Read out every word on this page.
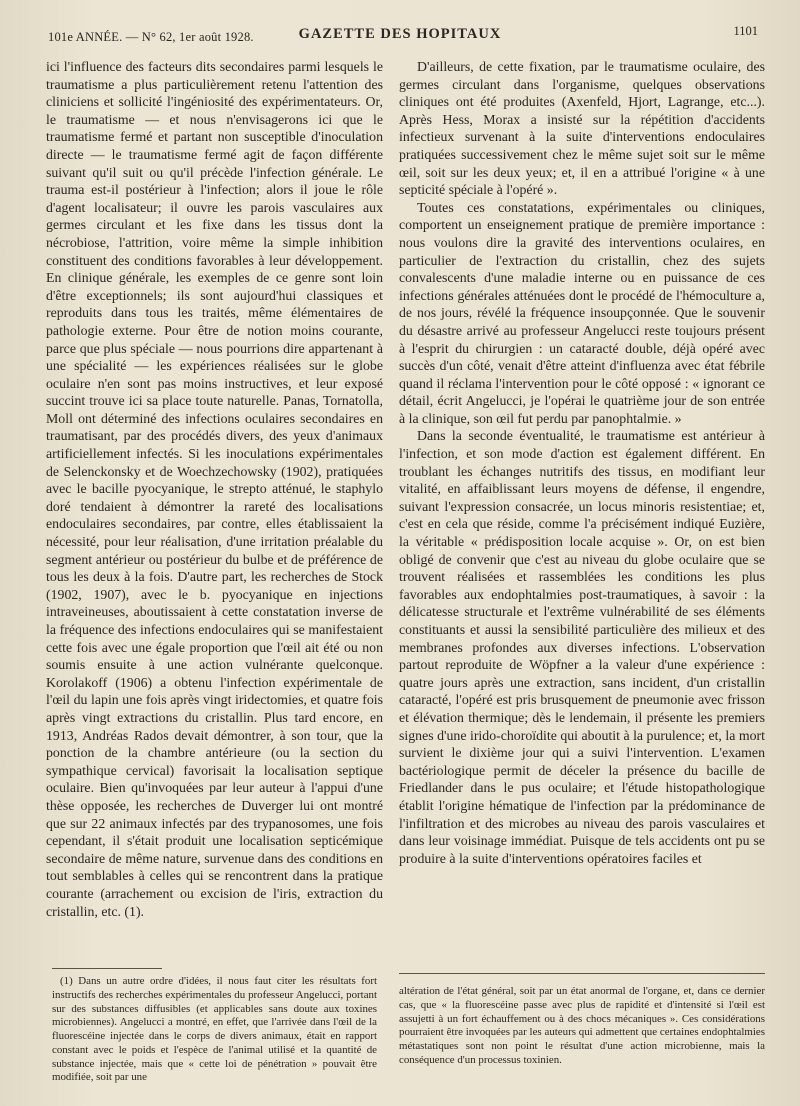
101e ANNÉE. — N° 62, 1er août 1928.	GAZETTE DES HOPITAUX	1101

ici l'influence des facteurs dits secondaires parmi lesquels le traumatisme a plus particulièrement retenu l'attention des cliniciens et sollicité l'ingéniosité des expérimentateurs. Or, le traumatisme — et nous n'envisagerons ici que le traumatisme fermé et partant non susceptible d'inoculation directe — le traumatisme fermé agit de façon différente suivant qu'il suit ou qu'il précède l'infection générale. Le trauma est-il postérieur à l'infection; alors il joue le rôle d'agent localisateur; il ouvre les parois vasculaires aux germes circulant et les fixe dans les tissus dont la nécrobiose, l'attrition, voire même la simple inhibition constituent des conditions favorables à leur développement. En clinique générale, les exemples de ce genre sont loin d'être exceptionnels; ils sont aujourd'hui classiques et reproduits dans tous les traités, même élémentaires de pathologie externe. Pour être de notion moins courante, parce que plus spéciale — nous pourrions dire appartenant à une spécialité — les expériences réalisées sur le globe oculaire n'en sont pas moins instructives, et leur exposé succint trouve ici sa place toute naturelle. Panas, Tornatolla, Moll ont déterminé des infections oculaires secondaires en traumatisant, par des procédés divers, des yeux d'animaux artificiellement infectés. Si les inoculations expérimentales de Selenckonsky et de Woechzechowsky (1902), pratiquées avec le bacille pyocyanique, le strepto atténué, le staphylo doré tendaient à démontrer la rareté des localisations endoculaires secondaires, par contre, elles établissaient la nécessité, pour leur réalisation, d'une irritation préalable du segment antérieur ou postérieur du bulbe et de préférence de tous les deux à la fois. D'autre part, les recherches de Stock (1902, 1907), avec le b. pyocyanique en injections intraveineuses, aboutissaient à cette constatation inverse de la fréquence des infections endoculaires qui se manifestaient cette fois avec une égale proportion que l'œil ait été ou non soumis ensuite à une action vulnérante quelconque. Korolakoff (1906) a obtenu l'infection expérimentale de l'œil du lapin une fois après vingt iridectomies, et quatre fois après vingt extractions du cristallin. Plus tard encore, en 1913, Andréas Rados devait démontrer, à son tour, que la ponction de la chambre antérieure (ou la section du sympathique cervical) favorisait la localisation septique oculaire. Bien qu'invoquées par leur auteur à l'appui d'une thèse opposée, les recherches de Duverger lui ont montré que sur 22 animaux infectés par des trypanosomes, une fois cependant, il s'était produit une localisation septicémique secondaire de même nature, survenue dans des conditions en tout semblables à celles qui se rencontrent dans la pratique courante (arrachement ou excision de l'iris, extraction du cristallin, etc. (1).

D'ailleurs, de cette fixation, par le traumatisme oculaire, des germes circulant dans l'organisme, quelques observations cliniques ont été produites (Axenfeld, Hjort, Lagrange, etc...). Après Hess, Morax a insisté sur la répétition d'accidents infectieux survenant à la suite d'interventions endoculaires pratiquées successivement chez le même sujet soit sur le même œil, soit sur les deux yeux; et, il en a attribué l'origine « à une septicité spéciale à l'opéré ».

Toutes ces constatations, expérimentales ou cliniques, comportent un enseignement pratique de première importance : nous voulons dire la gravité des interventions oculaires, en particulier de l'extraction du cristallin, chez des sujets convalescents d'une maladie interne ou en puissance de ces infections générales atténuées dont le procédé de l'hémoculture a, de nos jours, révélé la fréquence insoupçonnée. Que le souvenir du désastre arrivé au professeur Angelucci reste toujours présent à l'esprit du chirurgien : un cataracté double, déjà opéré avec succès d'un côté, venait d'être atteint d'influenza avec état fébrile quand il réclama l'intervention pour le côté opposé : « ignorant ce détail, écrit Angelucci, je l'opérai le quatrième jour de son entrée à la clinique, son œil fut perdu par panophtalmie. »

Dans la seconde éventualité, le traumatisme est antérieur à l'infection, et son mode d'action est également différent. En troublant les échanges nutritifs des tissus, en modifiant leur vitalité, en affaiblissant leurs moyens de défense, il engendre, suivant l'expression consacrée, un locus minoris resistentiae; et, c'est en cela que réside, comme l'a précisément indiqué Euzière, la véritable « prédisposition locale acquise ». Or, on est bien obligé de convenir que c'est au niveau du globe oculaire que se trouvent réalisées et rassemblées les conditions les plus favorables aux endophtalmies post-traumatiques, à savoir : la délicatesse structurale et l'extrême vulnérabilité de ses éléments constituants et aussi la sensibilité particulière des milieux et des membranes profondes aux diverses infections. L'observation partout reproduite de Wöpfner a la valeur d'une expérience : quatre jours après une extraction, sans incident, d'un cristallin cataracté, l'opéré est pris brusquement de pneumonie avec frisson et élévation thermique; dès le lendemain, il présente les premiers signes d'une irido-choroïdite qui aboutit à la purulence; et, la mort survient le dixième jour qui a suivi l'intervention. L'examen bactériologique permit de déceler la présence du bacille de Friedlander dans le pus oculaire; et l'étude histopathologique établit l'origine hématique de l'infection par la prédominance de l'infiltration et des microbes au niveau des parois vasculaires et dans leur voisinage immédiat. Puisque de tels accidents ont pu se produire à la suite d'interventions opératoires faciles et

(1) Dans un autre ordre d'idées, il nous faut citer les résultats fort instructifs des recherches expérimentales du professeur Angelucci, portant sur des substances diffusibles (et applicables sans doute aux toxines microbiennes). Angelucci a montré, en effet, que l'arrivée dans l'œil de la fluorescéine injectée dans le corps de divers animaux, était en rapport constant avec le poids et l'espèce de l'animal utilisé et la quantité de substance injectée, mais que « cette loi de pénétration » pouvait être modifiée, soit par une

altération de l'état général, soit par un état anormal de l'organe, et, dans ce dernier cas, que « la fluorescéine passe avec plus de rapidité et d'intensité si l'œil est assujetti à un fort échauffement ou à des chocs mécaniques ». Ces considérations pourraient être invoquées par les auteurs qui admettent que certaines endophtalmies métastatiques sont non point le résultat d'une action microbienne, mais la conséquence d'un processus toxinien.
